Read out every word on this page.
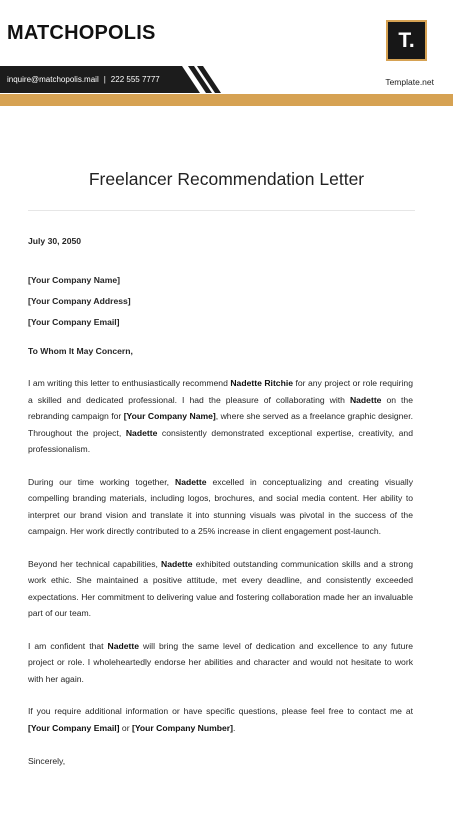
MATCHOPOLIS	T.
inquire@matchopolis.mail | 222 555 7777	Template.net
Freelancer Recommendation Letter
July 30, 2050
[Your Company Name]
[Your Company Address]
[Your Company Email]
To Whom It May Concern,

I am writing this letter to enthusiastically recommend Nadette Ritchie for any project or role requiring a skilled and dedicated professional. I had the pleasure of collaborating with Nadette on the rebranding campaign for [Your Company Name], where she served as a freelance graphic designer. Throughout the project, Nadette consistently demonstrated exceptional expertise, creativity, and professionalism.

During our time working together, Nadette excelled in conceptualizing and creating visually compelling branding materials, including logos, brochures, and social media content. Her ability to interpret our brand vision and translate it into stunning visuals was pivotal in the success of the campaign. Her work directly contributed to a 25% increase in client engagement post-launch.

Beyond her technical capabilities, Nadette exhibited outstanding communication skills and a strong work ethic. She maintained a positive attitude, met every deadline, and consistently exceeded expectations. Her commitment to delivering value and fostering collaboration made her an invaluable part of our team.

I am confident that Nadette will bring the same level of dedication and excellence to any future project or role. I wholeheartedly endorse her abilities and character and would not hesitate to work with her again.

If you require additional information or have specific questions, please feel free to contact me at [Your Company Email] or [Your Company Number].

Sincerely,
